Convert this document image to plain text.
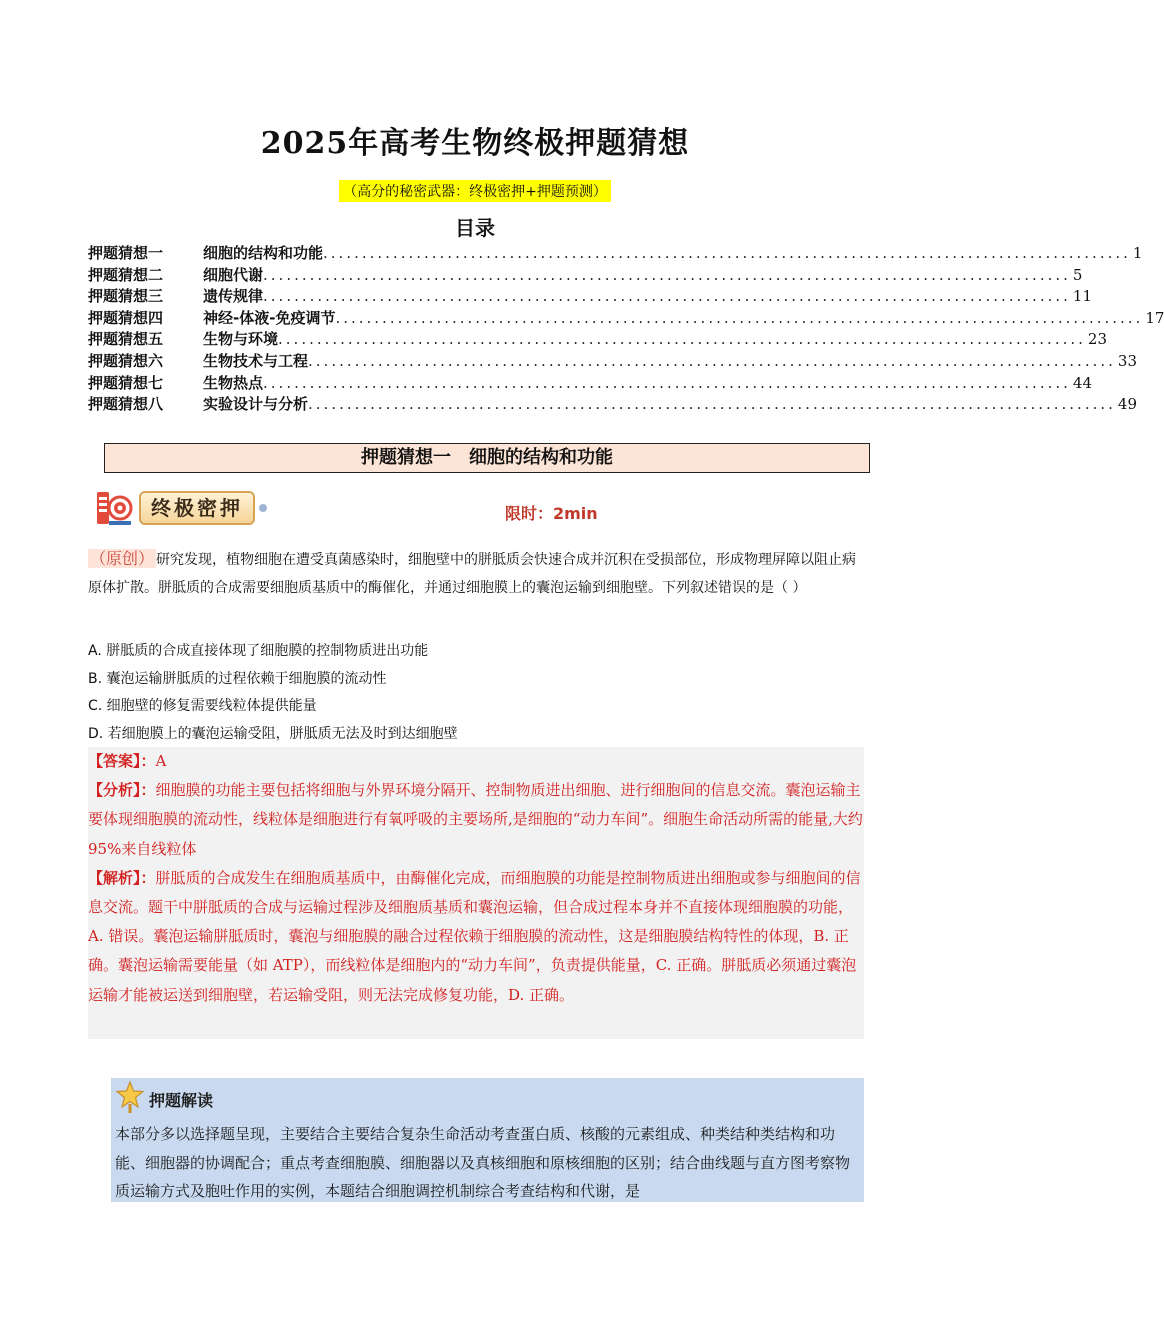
2025年高考生物终极押题猜想
（高分的秘密武器：终极密押+押题预测）
目录
押题猜想一	细胞的结构和功能 ........................................................................................................ 1
押题猜想二	细胞代谢 ........................................................................................................ 5
押题猜想三	遗传规律 ........................................................................................................ 11
押题猜想四	神经-体液-免疫调节 ........................................................................................................ 17
押题猜想五	生物与环境 ........................................................................................................ 23
押题猜想六	生物技术与工程 ........................................................................................................ 33
押题猜想七	生物热点 ........................................................................................................ 44
押题猜想八	实验设计与分析 ........................................................................................................ 49
押题猜想一　细胞的结构和功能
终极密押	限时：2min
（原创） 研究发现，植物细胞在遭受真菌感染时，细胞壁中的胼胝质会快速合成并沉积在受损部位，形成物理屏障以阻止病原体扩散。胼胝质的合成需要细胞质基质中的酶催化，并通过细胞膜上的囊泡运输到细胞壁。下列叙述错误的是（ ）
A. 胼胝质的合成直接体现了细胞膜的控制物质进出功能
B. 囊泡运输胼胝质的过程依赖于细胞膜的流动性
C. 细胞壁的修复需要线粒体提供能量
D. 若细胞膜上的囊泡运输受阻，胼胝质无法及时到达细胞壁

【答案】：A

【分析】：细胞膜的功能主要包括将细胞与外界环境分隔开、控制物质进出细胞、进行细胞间的信息交流。囊泡运输主要体现细胞膜的流动性，线粒体是细胞进行有氧呼吸的主要场所,是细胞的“动力车间”。细胞生命活动所需的能量,大约95%来自线粒体

【解析】：胼胝质的合成发生在细胞质基质中，由酶催化完成，而细胞膜的功能是控制物质进出细胞或参与细胞间的信息交流。题干中胼胝质的合成与运输过程涉及细胞质基质和囊泡运输，但合成过程本身并不直接体现细胞膜的功能，A. 错误。囊泡运输胼胝质时，囊泡与细胞膜的融合过程依赖于细胞膜的流动性，这是细胞膜结构特性的体现，B. 正确。囊泡运输需要能量（如 ATP），而线粒体是细胞内的“动力车间”，负责提供能量，C. 正确。胼胝质必须通过囊泡运输才能被运送到细胞壁，若运输受阻，则无法完成修复功能，D. 正确。

押题解读
本部分多以选择题呈现，主要结合主要结合复杂生命活动考查蛋白质、核酸的元素组成、种类结种类结构和功能、细胞器的协调配合；重点考查细胞膜、细胞器以及真核细胞和原核细胞的区别；结合曲线题与直方图考察物质运输方式及胞吐作用的实例，本题结合细胞调控机制综合考查结构和代谢，是
